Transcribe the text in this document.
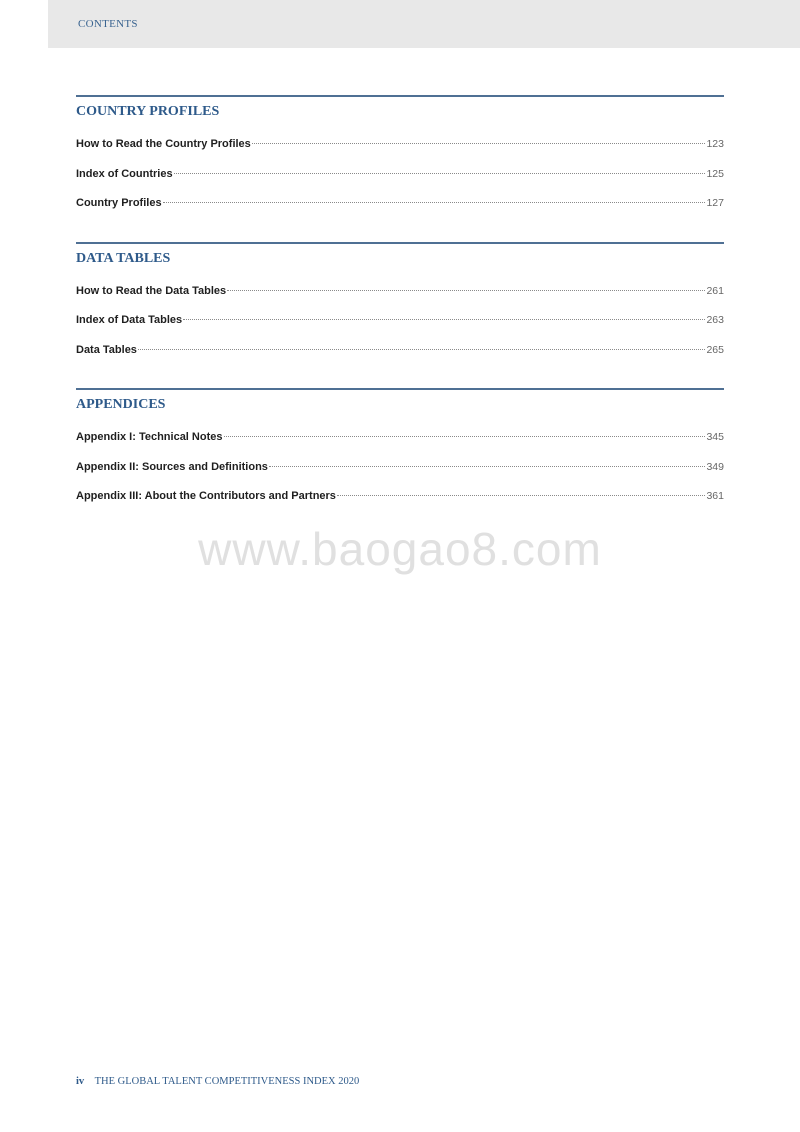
CONTENTS
COUNTRY PROFILES
How to Read the Country Profiles	123
Index of Countries	125
Country Profiles	127
DATA TABLES
How to Read the Data Tables	261
Index of Data Tables	263
Data Tables	265
APPENDICES
Appendix I: Technical Notes	345
Appendix II: Sources and Definitions	349
Appendix III: About the Contributors and Partners	361
www.baogao8.com
iv THE GLOBAL TALENT COMPETITIVENESS INDEX 2020
